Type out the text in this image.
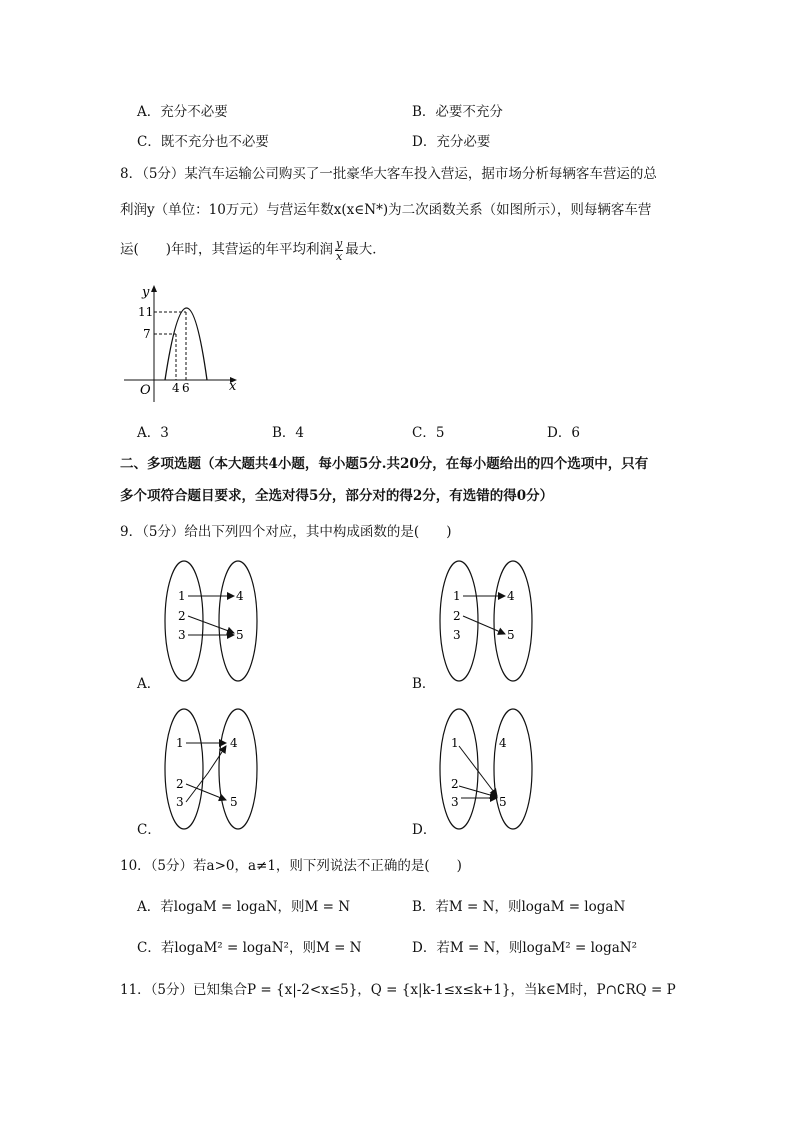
A．充分不必要	B．必要不充分
C．既不充分也不必要	D．充分必要
8．（5分）某汽车运输公司购买了一批豪华大客车投入营运，据市场分析每辆客车营运的总
利润y（单位：10万元）与营运年数x(x∈N*)为二次函数关系（如图所示），则每辆客车营
运(　　)年时，其营运的年平均利润 $\frac{y}{x}$ 最大．
y
x
O
11
7
4 6
A．3	B．4	C．5	D．6
二、多项选题（本大题共4小题，每小题5分.共20分，在每小题给出的四个选项中，只有
多个项符合题目要求，全选对得5分，部分对的得2分，有选错的得0分）
9．（5分）给出下列四个对应，其中构成函数的是(　　)
1
2
3
4
5
A．
1
2
3
4
5
B．
1
2
3
4
5
C．
1
2
3
4
5
D．
10．（5分）若a>0，a≠1，则下列说法不正确的是(　　)
A．若logaM = logaN，则M = N	B．若M = N，则logaM = logaN
C．若logaM² = logaN²，则M = N	D．若M = N，则logaM² = logaN²
11．（5分）已知集合P = {x|-2<x≤5}，Q = {x|k-1≤x≤k+1}，当k∈M时，P∩∁RQ = P
